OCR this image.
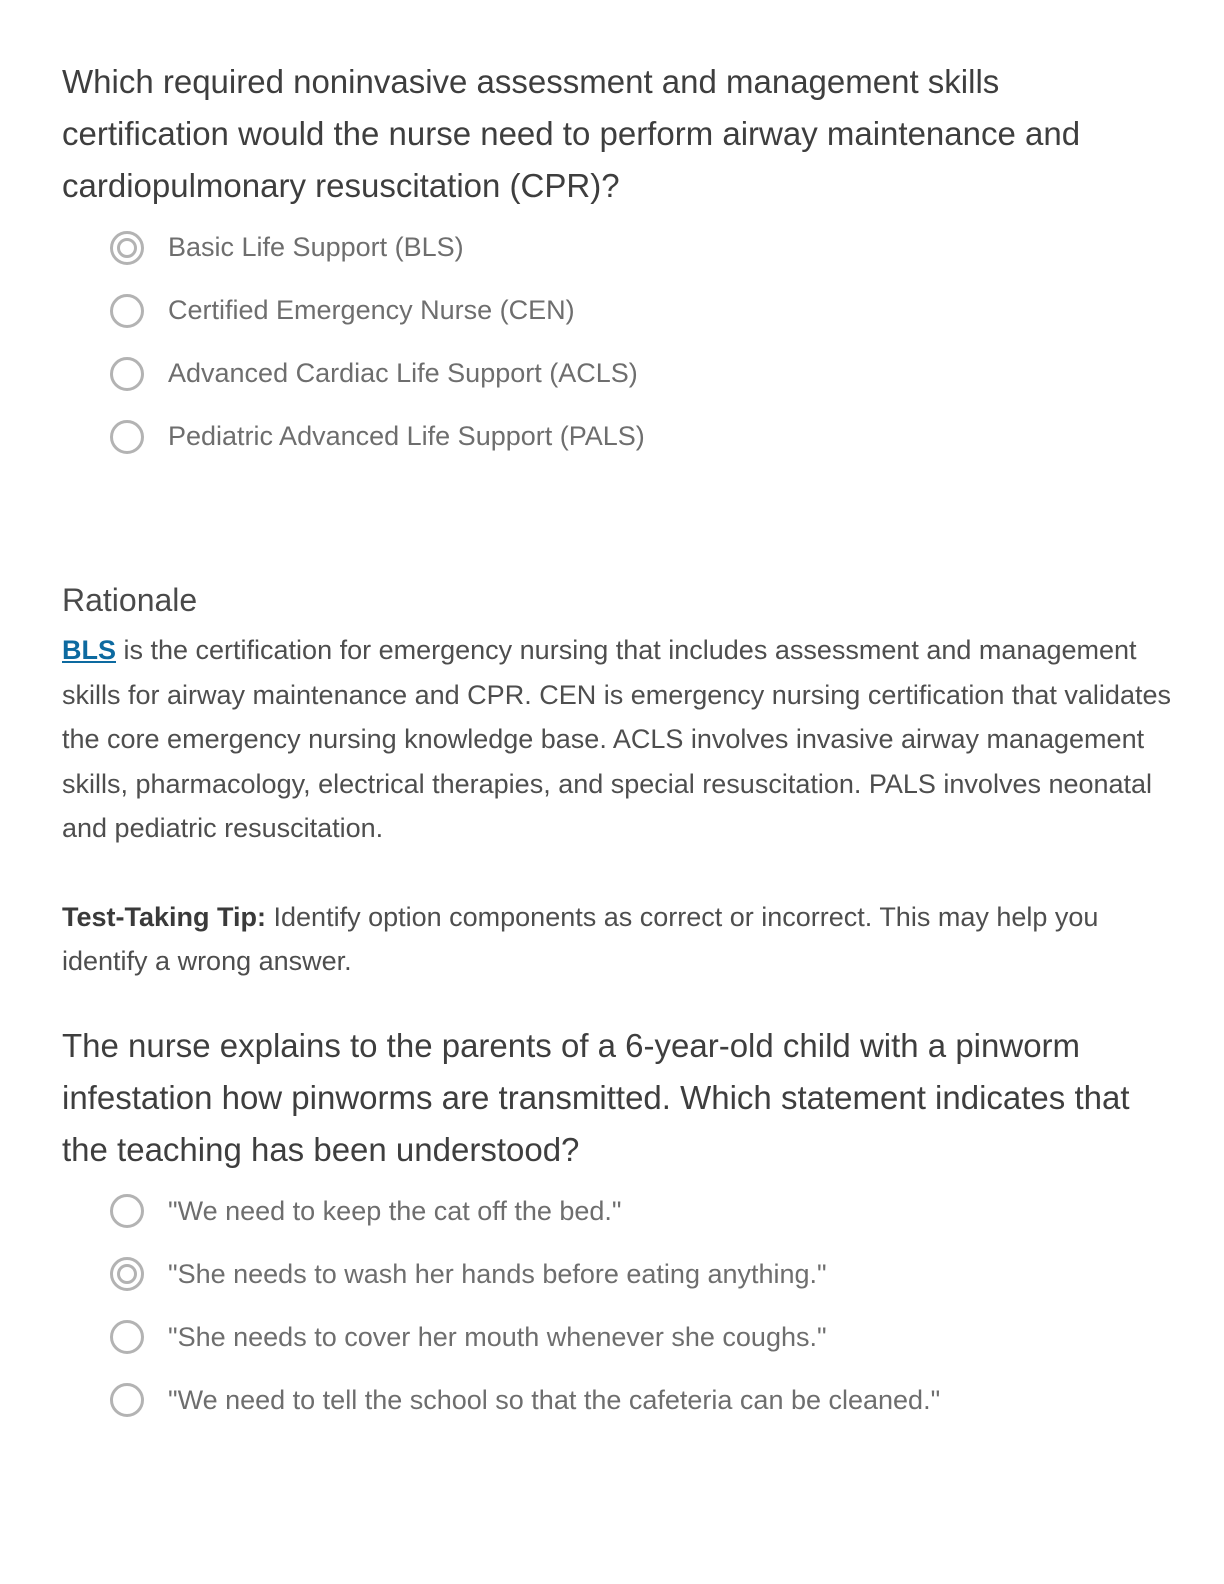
Which required noninvasive assessment and management skills certification would the nurse need to perform airway maintenance and cardiopulmonary resuscitation (CPR)?
Basic Life Support (BLS)
Certified Emergency Nurse (CEN)
Advanced Cardiac Life Support (ACLS)
Pediatric Advanced Life Support (PALS)
Rationale

BLS is the certification for emergency nursing that includes assessment and management skills for airway maintenance and CPR. CEN is emergency nursing certification that validates the core emergency nursing knowledge base. ACLS involves invasive airway management skills, pharmacology, electrical therapies, and special resuscitation. PALS involves neonatal and pediatric resuscitation.

Test-Taking Tip: Identify option components as correct or incorrect. This may help you identify a wrong answer.

The nurse explains to the parents of a 6-year-old child with a pinworm infestation how pinworms are transmitted. Which statement indicates that the teaching has been understood?
"We need to keep the cat off the bed."
"She needs to wash her hands before eating anything."
"She needs to cover her mouth whenever she coughs."
"We need to tell the school so that the cafeteria can be cleaned."
